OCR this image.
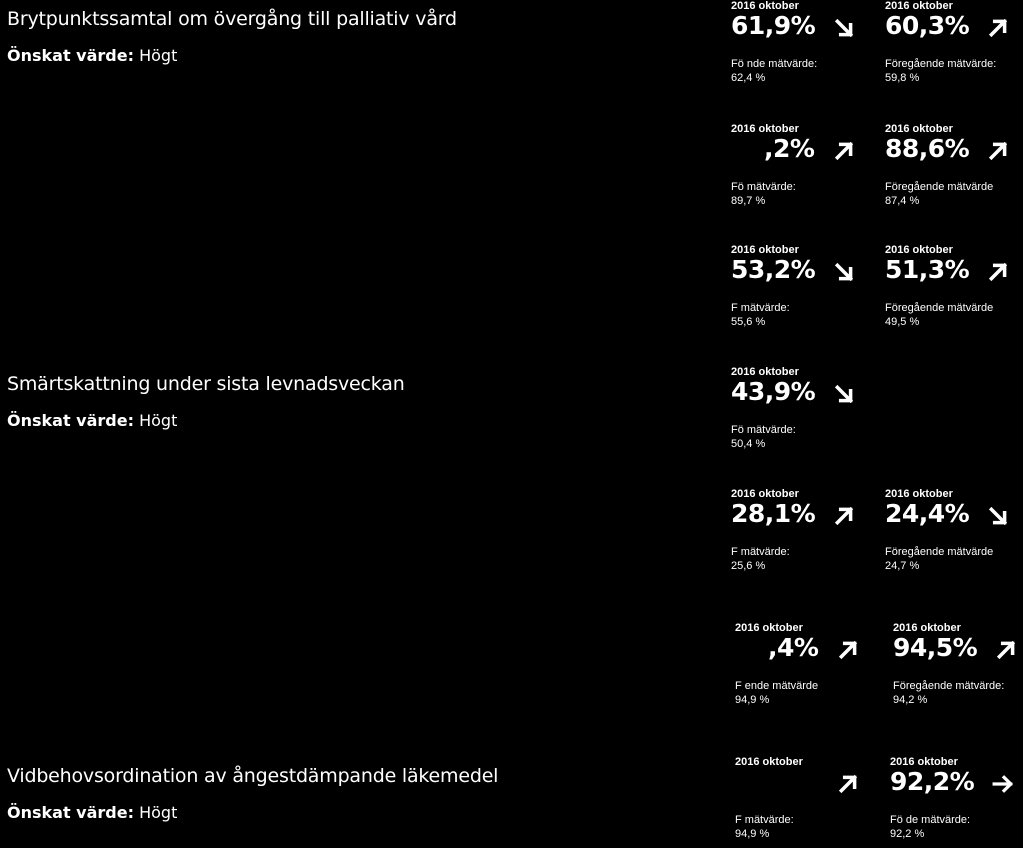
Brytpunktssamtal om övergång till palliativ vård
Önskat värde: Högt
2016 oktober
61,9%
Fö nde mätvärde:
62,4 %
2016 oktober
60,3%
Föregående mätvärde:
59,8 %
2016 oktober
,2%
Fö mätvärde:
89,7 %
2016 oktober
88,6%
Föregående mätvärde
87,4 %
2016 oktober
53,2%
F mätvärde:
55,6 %
2016 oktober
51,3%
Föregående mätvärde
49,5 %
Smärtskattning under sista levnadsveckan
Önskat värde: Högt
2016 oktober
43,9%
Fö mätvärde:
50,4 %
2016 oktober
28,1%
F mätvärde:
25,6 %
2016 oktober
24,4%
Föregående mätvärde
24,7 %
2016 oktober
,4%
F ende mätvärde
94,9 %
2016 oktober
94,5%
Föregående mätvärde:
94,2 %
Vidbehovsordination av ångestdämpande läkemedel
Önskat värde: Högt
2016 oktober
F mätvärde:
94,9 %
2016 oktober
92,2%
Fö de mätvärde:
92,2 %
